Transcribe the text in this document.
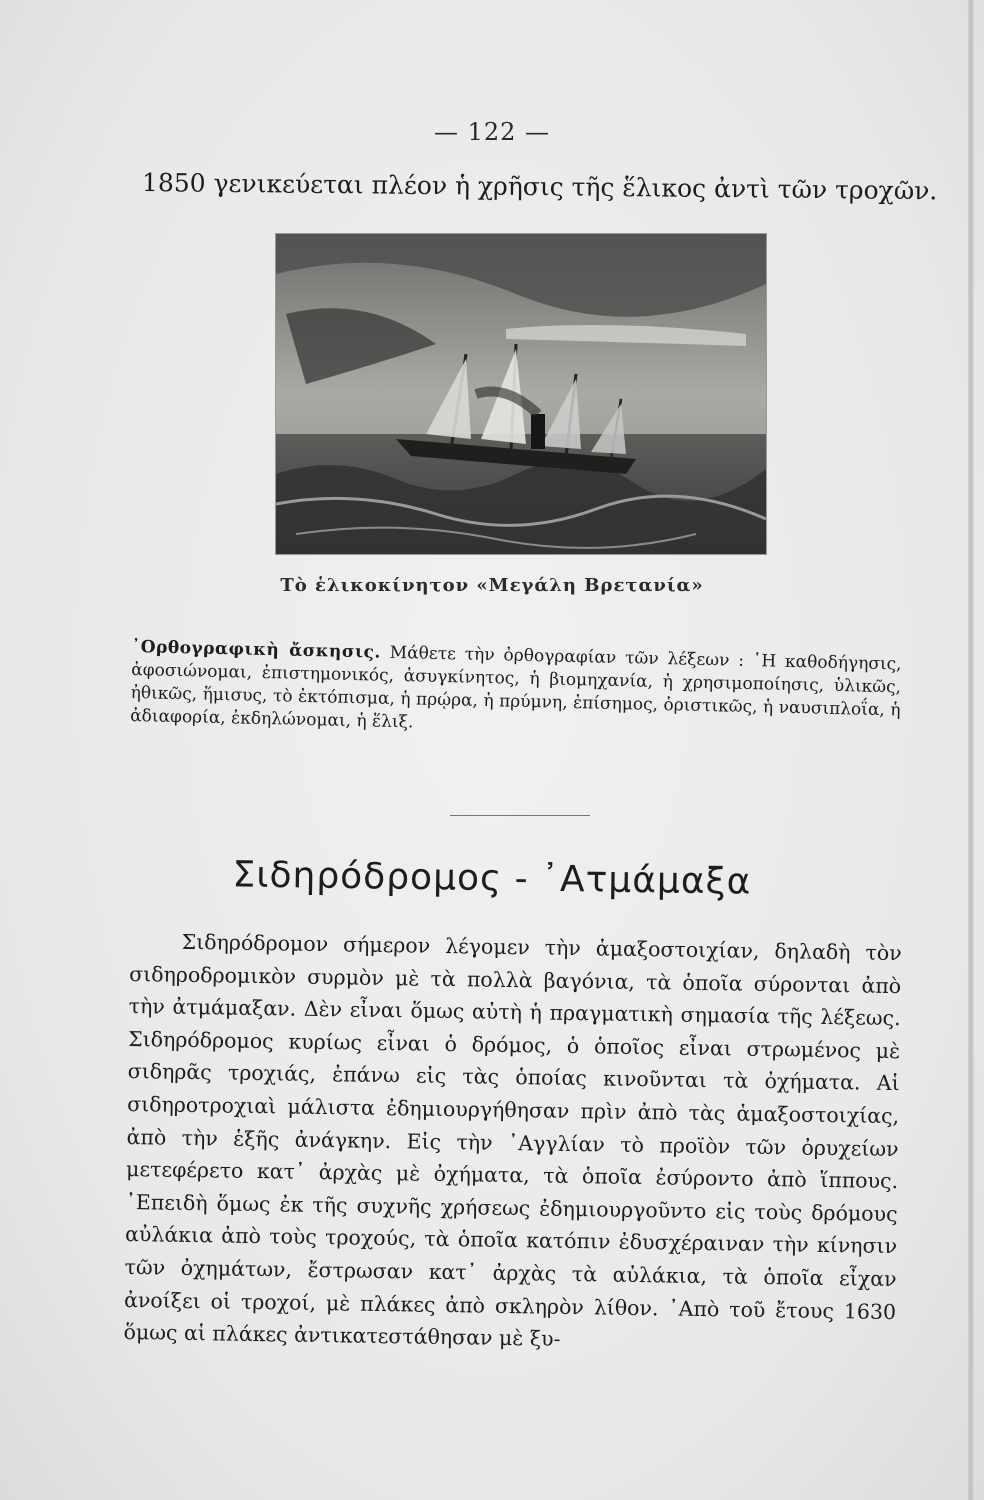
— 122 —
1850 γενικεύεται πλέον ἡ χρῆσις τῆς ἕλικος ἀντὶ τῶν τροχῶν.
Τὸ ἑλικοκίνητον «Μεγάλη Βρετανία»
᾿Ορθογραφικὴ ἄσκησις. Μάθετε τὴν ὀρθογραφίαν τῶν λέξεων : ῾Η καθοδήγησις, ἀφοσιώνομαι, ἐπιστημονικός, ἀσυγκίνητος, ἡ βιομηχανία, ἡ χρησιμοποίησις, ὑλικῶς, ἠθικῶς, ἥμισυς, τὸ ἐκτόπισμα, ἡ πρῴρα, ἡ πρύμνη, ἐπίσημος, ὁριστικῶς, ἡ ναυσιπλοΐα, ἡ ἀδιαφορία, ἐκδηλώνομαι, ἡ ἕλιξ.
Σιδηρόδρομος - ᾿Ατμάμαξα

Σιδηρόδρομον σήμερον λέγομεν τὴν ἁμαξοστοιχίαν, δηλαδὴ τὸν σιδηροδρομικὸν συρμὸν μὲ τὰ πολλὰ βαγόνια, τὰ ὁποῖα σύρονται ἀπὸ τὴν ἀτμάμαξαν. Δὲν εἶναι ὅμως αὐτὴ ἡ πραγματικὴ σημασία τῆς λέξεως. Σιδηρόδρομος κυρίως εἶναι ὁ δρόμος, ὁ ὁποῖος εἶναι στρωμένος μὲ σιδηρᾶς τροχιάς, ἐπάνω εἰς τὰς ὁποίας κινοῦνται τὰ ὀχήματα. Αἱ σιδηροτροχιαὶ μάλιστα ἐδημιουργήθησαν πρὶν ἀπὸ τὰς ἁμαξοστοιχίας, ἀπὸ τὴν ἑξῆς ἀνάγκην. Εἰς τὴν ᾿Αγγλίαν τὸ προϊὸν τῶν ὀρυχείων μετεφέρετο κατ᾿ ἀρχὰς μὲ ὀχήματα, τὰ ὁποῖα ἐσύροντο ἀπὸ ἵππους. ᾿Επειδὴ ὅμως ἐκ τῆς συχνῆς χρήσεως ἐδημιουργοῦντο εἰς τοὺς δρόμους αὐλάκια ἀπὸ τοὺς τροχούς, τὰ ὁποῖα κατόπιν ἐδυσχέραιναν τὴν κίνησιν τῶν ὀχημάτων, ἔστρωσαν κατ᾿ ἀρχὰς τὰ αὐλάκια, τὰ ὁποῖα εἶχαν ἀνοίξει οἱ τροχοί, μὲ πλάκες ἀπὸ σκληρὸν λίθον. ᾿Απὸ τοῦ ἔτους 1630 ὅμως αἱ πλάκες ἀντικατεστάθησαν μὲ ξυ-
